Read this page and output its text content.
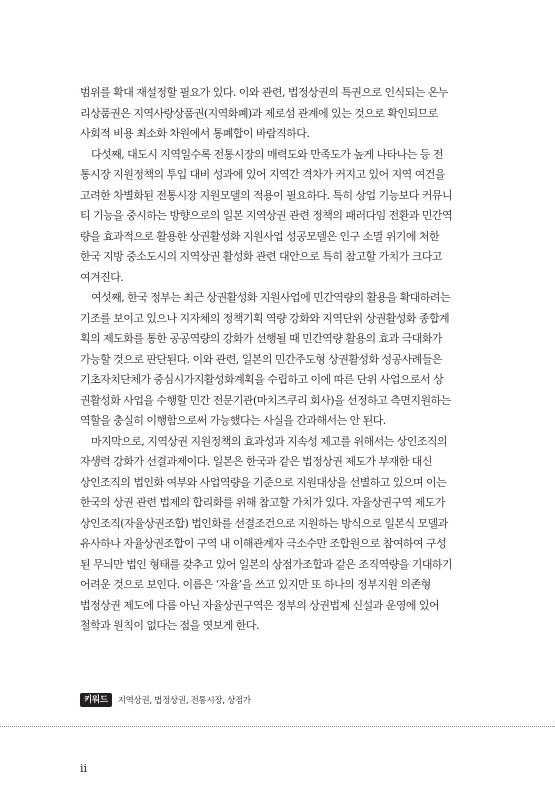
범위를 확대 재설정할 필요가 있다. 이와 관련, 법정상권의 특권으로 인식되는 온누
리상품권은 지역사랑상품권(지역화폐)과 제로섬 관계에 있는 것으로 확인되므로
사회적 비용 최소화 차원에서 통폐합이 바람직하다.
다섯째, 대도시 지역일수록 전통시장의 매력도와 만족도가 높게 나타나는 등 전
통시장 지원정책의 투입 대비 성과에 있어 지역간 격차가 커지고 있어 지역 여건을
고려한 차별화된 전통시장 지원모델의 적용이 필요하다. 특히 상업 기능보다 커뮤니
티 기능을 중시하는 방향으로의 일본 지역상권 관련 정책의 패러다임 전환과 민간역
량을 효과적으로 활용한 상권활성화 지원사업 성공모델은 인구 소멸 위기에 처한
한국 지방 중소도시의 지역상권 활성화 관련 대안으로 특히 참고할 가치가 크다고
여겨진다.
여섯째, 한국 정부는 최근 상권활성화 지원사업에 민간역량의 활용을 확대하려는
기조를 보이고 있으나 지자체의 정책기획 역량 강화와 지역단위 상권활성화 종합계
획의 제도화를 통한 공공역량의 강화가 선행될 때 민간역량 활용의 효과 극대화가
가능할 것으로 판단된다. 이와 관련, 일본의 민간주도형 상권활성화 성공사례들은
기초자치단체가 중심시가지활성화계획을 수립하고 이에 따른 단위 사업으로서 상
권활성화 사업을 수행할 민간 전문기관(마치즈쿠리 회사)을 선정하고 측면지원하는
역할을 충실히 이행함으로써 가능했다는 사실을 간과해서는 안 된다.
마지막으로, 지역상권 지원정책의 효과성과 지속성 제고를 위해서는 상인조직의
자생력 강화가 선결과제이다. 일본은 한국과 같은 법정상권 제도가 부재한 대신
상인조직의 법인화 여부와 사업역량을 기준으로 지원대상을 선별하고 있으며 이는
한국의 상권 관련 법제의 합리화를 위해 참고할 가치가 있다. 자율상권구역 제도가
상인조직(자율상권조합) 법인화를 선결조건으로 지원하는 방식으로 일본식 모델과
유사하나 자율상권조합이 구역 내 이해관계자 극소수만 조합원으로 참여하여 구성
된 무늬만 법인 형태를 갖추고 있어 일본의 상점가조합과 같은 조직역량을 기대하기
어려운 것으로 보인다. 이름은 ‘자율’을 쓰고 있지만 또 하나의 정부지원 의존형
법정상권 제도에 다름 아닌 자율상권구역은 정부의 상권법제 신설과 운영에 있어
철학과 원칙이 없다는 점을 엿보게 한다.
키워드	지역상권, 법정상권, 전통시장, 상점가
ii
